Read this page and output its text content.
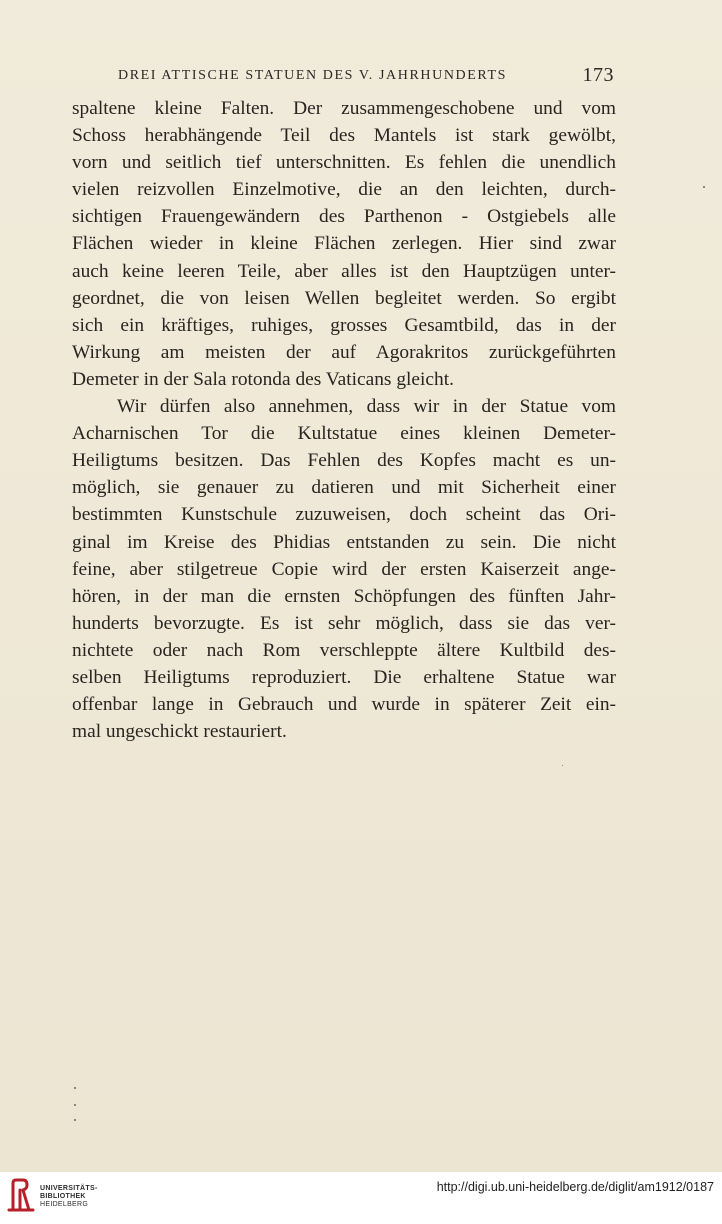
DREI ATTISCHE STATUEN DES V. JAHRHUNDERTS	173
spaltene kleine Falten. Der zusammengeschobene und vom
Schoss herabhängende Teil des Mantels ist stark gewölbt,
vorn und seitlich tief unterschnitten. Es fehlen die unendlich
vielen reizvollen Einzelmotive, die an den leichten, durch-
sichtigen Frauengewändern des Parthenon - Ostgiebels alle
Flächen wieder in kleine Flächen zerlegen. Hier sind zwar
auch keine leeren Teile, aber alles ist den Hauptzügen unter-
geordnet, die von leisen Wellen begleitet werden. So ergibt
sich ein kräftiges, ruhiges, grosses Gesamtbild, das in der
Wirkung am meisten der auf Agorakritos zurückgeführten
Demeter in der Sala rotonda des Vaticans gleicht.
Wir dürfen also annehmen, dass wir in der Statue vom
Acharnischen Tor die Kultstatue eines kleinen Demeter-
Heiligtums besitzen. Das Fehlen des Kopfes macht es un-
möglich, sie genauer zu datieren und mit Sicherheit einer
bestimmten Kunstschule zuzuweisen, doch scheint das Ori-
ginal im Kreise des Phidias entstanden zu sein. Die nicht
feine, aber stilgetreue Copie wird der ersten Kaiserzeit ange-
hören, in der man die ernsten Schöpfungen des fünften Jahr-
hunderts bevorzugte. Es ist sehr möglich, dass sie das ver-
nichtete oder nach Rom verschleppte ältere Kultbild des-
selben Heiligtums reproduziert. Die erhaltene Statue war
offenbar lange in Gebrauch und wurde in späterer Zeit ein-
mal ungeschickt restauriert.
UNIVERSITÄTS-
BIBLIOTHEK
HEIDELBERG
http://digi.ub.uni-heidelberg.de/diglit/am1912/0187
